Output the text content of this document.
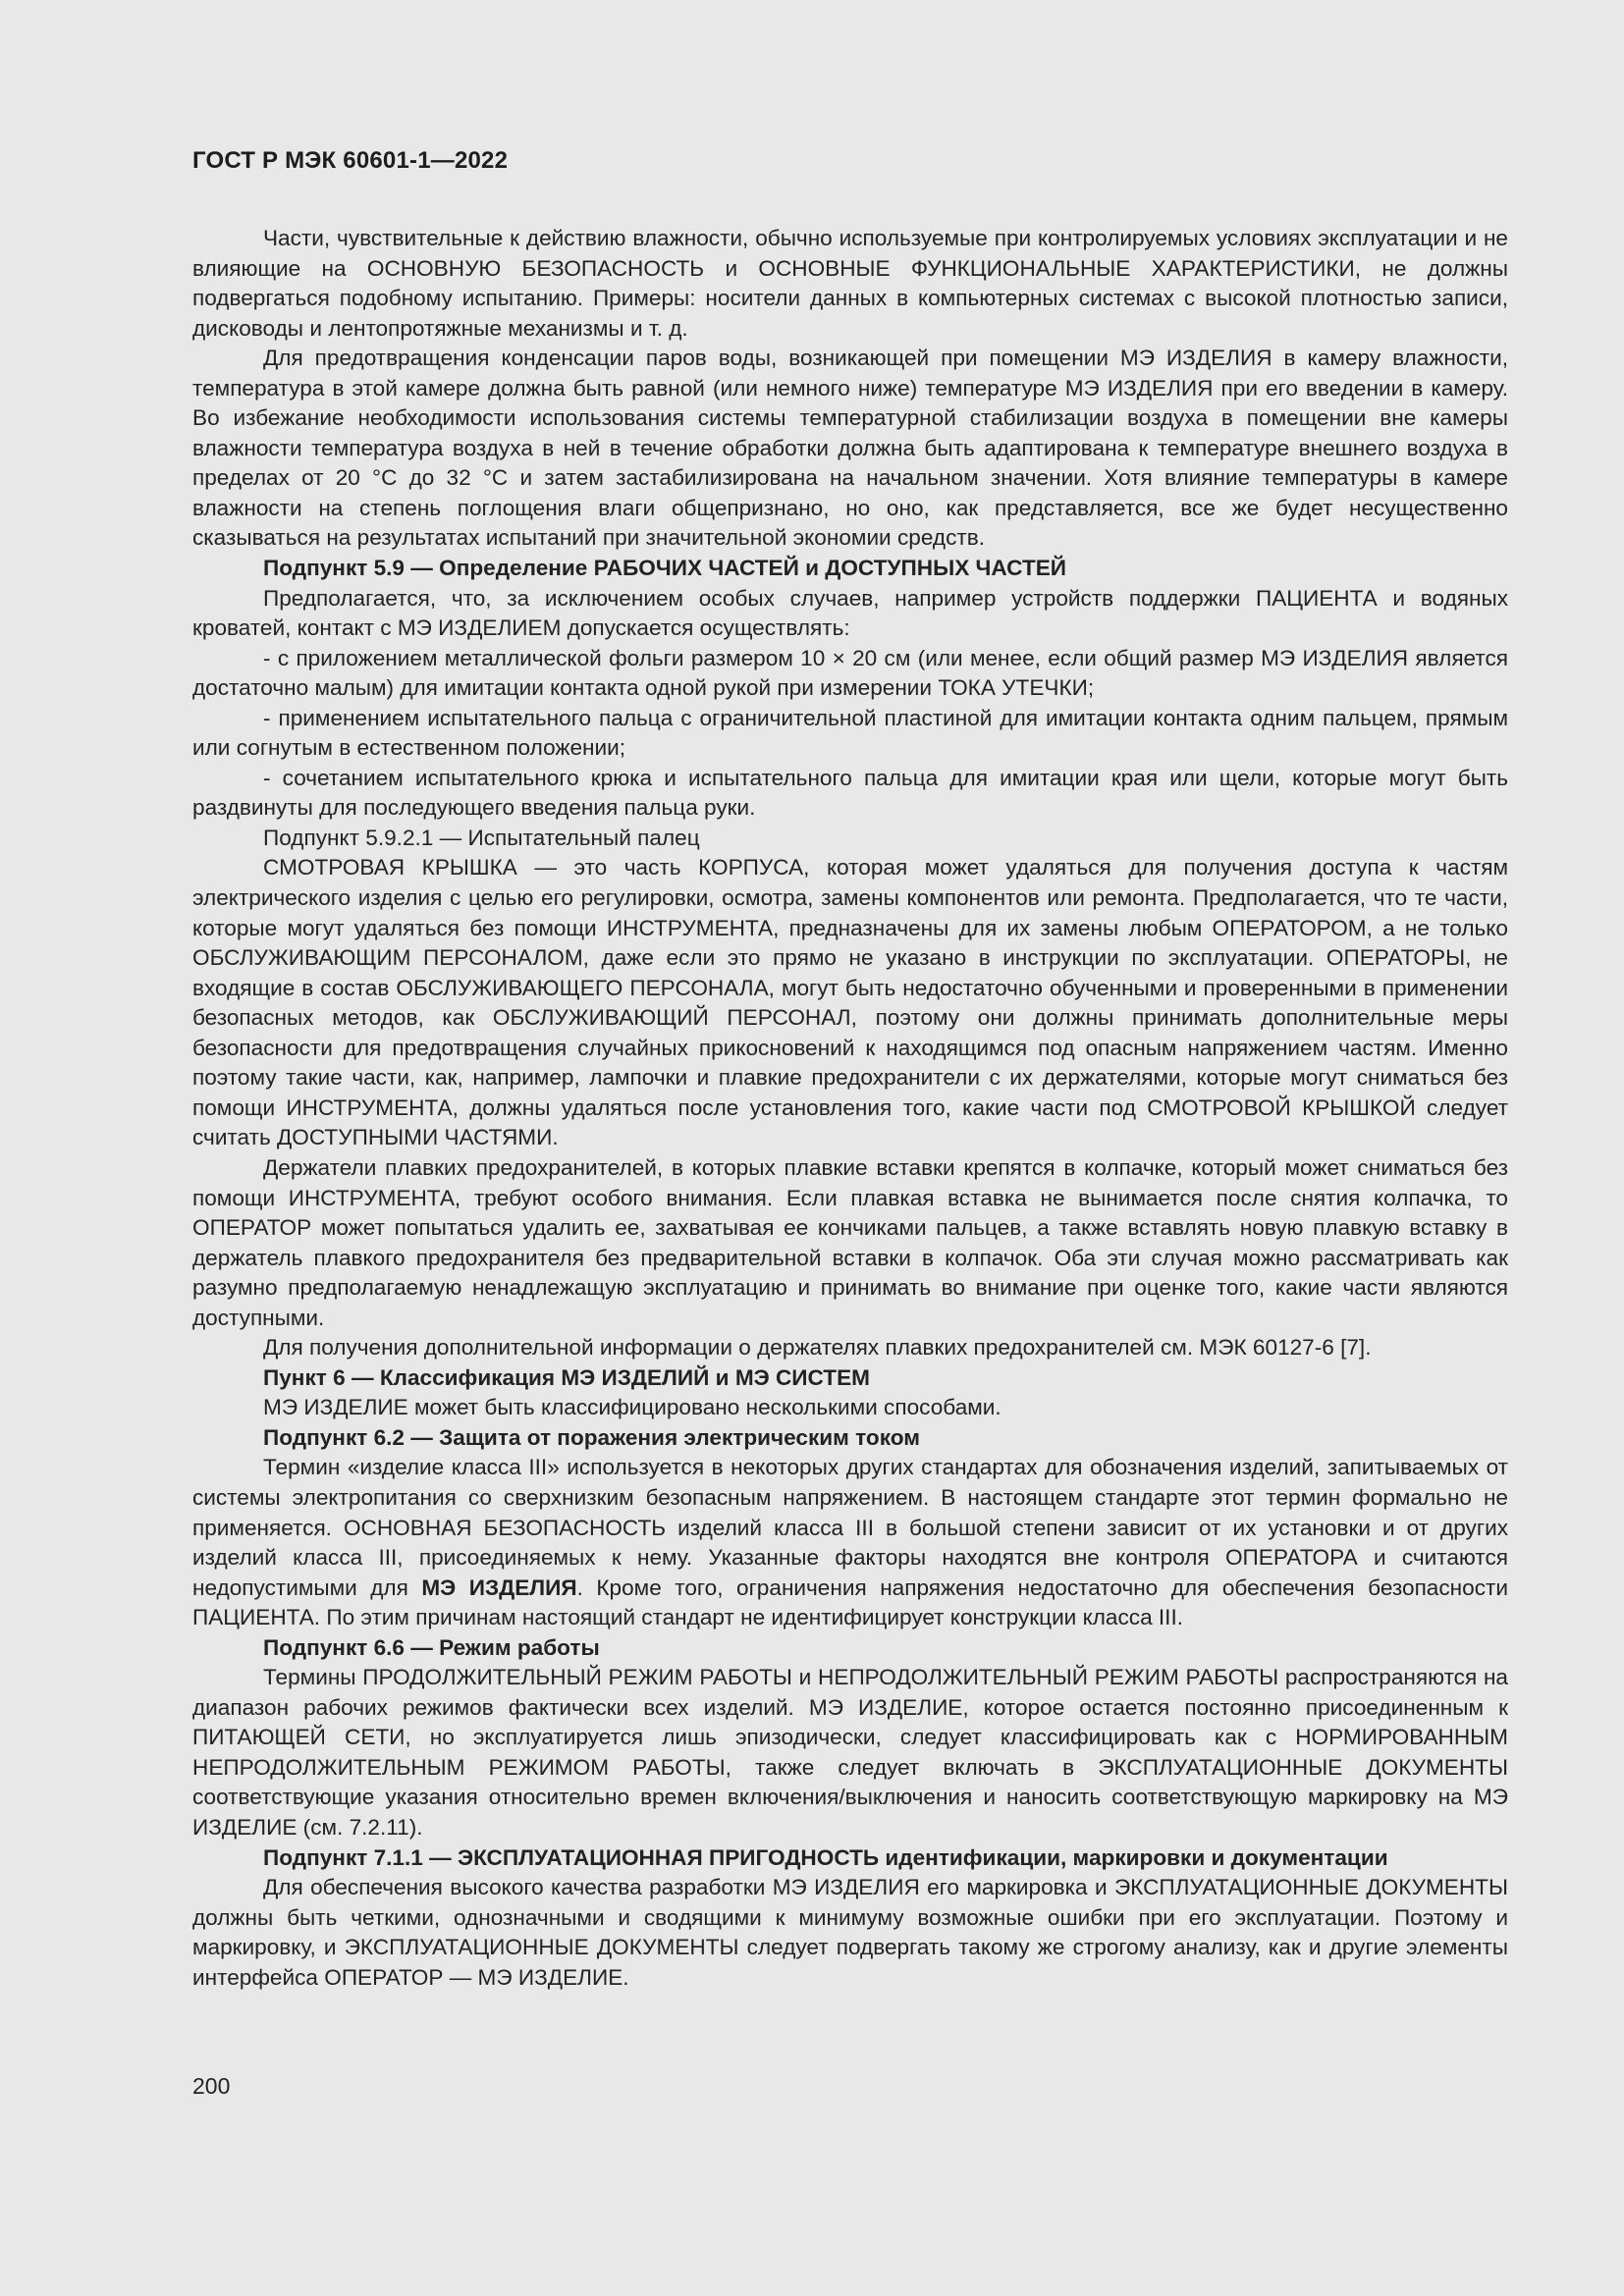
ГОСТ Р МЭК 60601-1—2022

Части, чувствительные к действию влажности, обычно используемые при контролируемых условиях эксплуатации и не влияющие на ОСНОВНУЮ БЕЗОПАСНОСТЬ и ОСНОВНЫЕ ФУНКЦИОНАЛЬНЫЕ ХАРАКТЕРИСТИКИ, не должны подвергаться подобному испытанию. Примеры: носители данных в компьютерных системах с высокой плотностью записи, дисководы и лентопротяжные механизмы и т. д.

Для предотвращения конденсации паров воды, возникающей при помещении МЭ ИЗДЕЛИЯ в камеру влажности, температура в этой камере должна быть равной (или немного ниже) температуре МЭ ИЗДЕЛИЯ при его введении в камеру. Во избежание необходимости использования системы температурной стабилизации воздуха в помещении вне камеры влажности температура воздуха в ней в течение обработки должна быть адаптирована к температуре внешнего воздуха в пределах от 20 °С до 32 °С и затем застабилизирована на начальном значении. Хотя влияние температуры в камере влажности на степень поглощения влаги общепризнано, но оно, как представляется, все же будет несущественно сказываться на результатах испытаний при значительной экономии средств.

Подпункт 5.9 — Определение РАБОЧИХ ЧАСТЕЙ и ДОСТУПНЫХ ЧАСТЕЙ

Предполагается, что, за исключением особых случаев, например устройств поддержки ПАЦИЕНТА и водяных кроватей, контакт с МЭ ИЗДЕЛИЕМ допускается осуществлять:

- с приложением металлической фольги размером 10 × 20 см (или менее, если общий размер МЭ ИЗДЕЛИЯ является достаточно малым) для имитации контакта одной рукой при измерении ТОКА УТЕЧКИ;

- применением испытательного пальца с ограничительной пластиной для имитации контакта одним пальцем, прямым или согнутым в естественном положении;

- сочетанием испытательного крюка и испытательного пальца для имитации края или щели, которые могут быть раздвинуты для последующего введения пальца руки.

Подпункт 5.9.2.1 — Испытательный палец

СМОТРОВАЯ КРЫШКА — это часть КОРПУСА, которая может удаляться для получения доступа к частям электрического изделия с целью его регулировки, осмотра, замены компонентов или ремонта. Предполагается, что те части, которые могут удаляться без помощи ИНСТРУМЕНТА, предназначены для их замены любым ОПЕРАТОРОМ, а не только ОБСЛУЖИВАЮЩИМ ПЕРСОНАЛОМ, даже если это прямо не указано в инструкции по эксплуатации. ОПЕРАТОРЫ, не входящие в состав ОБСЛУЖИВАЮЩЕГО ПЕРСОНАЛА, могут быть недостаточно обученными и проверенными в применении безопасных методов, как ОБСЛУЖИВАЮЩИЙ ПЕРСОНАЛ, поэтому они должны принимать дополнительные меры безопасности для предотвращения случайных прикосновений к находящимся под опасным напряжением частям. Именно поэтому такие части, как, например, лампочки и плавкие предохранители с их держателями, которые могут сниматься без помощи ИНСТРУМЕНТА, должны удаляться после установления того, какие части под СМОТРОВОЙ КРЫШКОЙ следует считать ДОСТУПНЫМИ ЧАСТЯМИ.

Держатели плавких предохранителей, в которых плавкие вставки крепятся в колпачке, который может сниматься без помощи ИНСТРУМЕНТА, требуют особого внимания. Если плавкая вставка не вынимается после снятия колпачка, то ОПЕРАТОР может попытаться удалить ее, захватывая ее кончиками пальцев, а также вставлять новую плавкую вставку в держатель плавкого предохранителя без предварительной вставки в колпачок. Оба эти случая можно рассматривать как разумно предполагаемую ненадлежащую эксплуатацию и принимать во внимание при оценке того, какие части являются доступными.

Для получения дополнительной информации о держателях плавких предохранителей см. МЭК 60127-6 [7].

Пункт 6 — Классификация МЭ ИЗДЕЛИЙ и МЭ СИСТЕМ

МЭ ИЗДЕЛИЕ может быть классифицировано несколькими способами.

Подпункт 6.2 — Защита от поражения электрическим током

Термин «изделие класса III» используется в некоторых других стандартах для обозначения изделий, запитываемых от системы электропитания со сверхнизким безопасным напряжением. В настоящем стандарте этот термин формально не применяется. ОСНОВНАЯ БЕЗОПАСНОСТЬ изделий класса III в большой степени зависит от их установки и от других изделий класса III, присоединяемых к нему. Указанные факторы находятся вне контроля ОПЕРАТОРА и считаются недопустимыми для МЭ ИЗДЕЛИЯ. Кроме того, ограничения напряжения недостаточно для обеспечения безопасности ПАЦИЕНТА. По этим причинам настоящий стандарт не идентифицирует конструкции класса III.

Подпункт 6.6 — Режим работы

Термины ПРОДОЛЖИТЕЛЬНЫЙ РЕЖИМ РАБОТЫ и НЕПРОДОЛЖИТЕЛЬНЫЙ РЕЖИМ РАБОТЫ распространяются на диапазон рабочих режимов фактически всех изделий. МЭ ИЗДЕЛИЕ, которое остается постоянно присоединенным к ПИТАЮЩЕЙ СЕТИ, но эксплуатируется лишь эпизодически, следует классифицировать как с НОРМИРОВАННЫМ НЕПРОДОЛЖИТЕЛЬНЫМ РЕЖИМОМ РАБОТЫ, также следует включать в ЭКСПЛУАТАЦИОННЫЕ ДОКУМЕНТЫ соответствующие указания относительно времен включения/выключения и наносить соответствующую маркировку на МЭ ИЗДЕЛИЕ (см. 7.2.11).

Подпункт 7.1.1 — ЭКСПЛУАТАЦИОННАЯ ПРИГОДНОСТЬ идентификации, маркировки и документации

Для обеспечения высокого качества разработки МЭ ИЗДЕЛИЯ его маркировка и ЭКСПЛУАТАЦИОННЫЕ ДОКУМЕНТЫ должны быть четкими, однозначными и сводящими к минимуму возможные ошибки при его эксплуатации. Поэтому и маркировку, и ЭКСПЛУАТАЦИОННЫЕ ДОКУМЕНТЫ следует подвергать такому же строгому анализу, как и другие элементы интерфейса ОПЕРАТОР — МЭ ИЗДЕЛИЕ.

200
